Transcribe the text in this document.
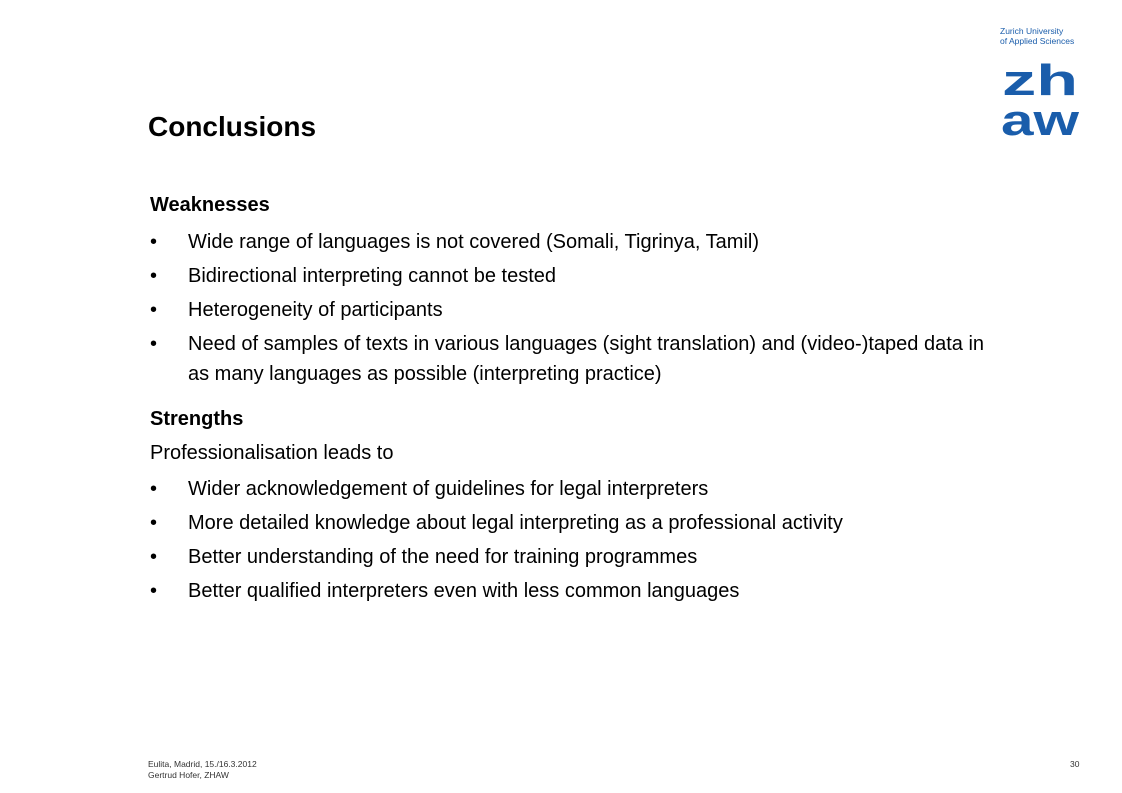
Zurich University
of Applied Sciences
zh
aw
Conclusions
Weaknesses
• Wide range of languages is not covered (Somali, Tigrinya, Tamil)
• Bidirectional interpreting cannot be tested
• Heterogeneity of participants
• Need of samples of texts in various languages (sight translation) and (video-)taped data in as many languages as possible (interpreting practice)
Strengths
Professionalisation leads to
• Wider acknowledgement of guidelines for legal interpreters
• More detailed knowledge about legal interpreting as a professional activity
• Better understanding of the need for training programmes
• Better qualified interpreters even with less common languages
Eulita, Madrid, 15./16.3.2012
Gertrud Hofer, ZHAW
30
